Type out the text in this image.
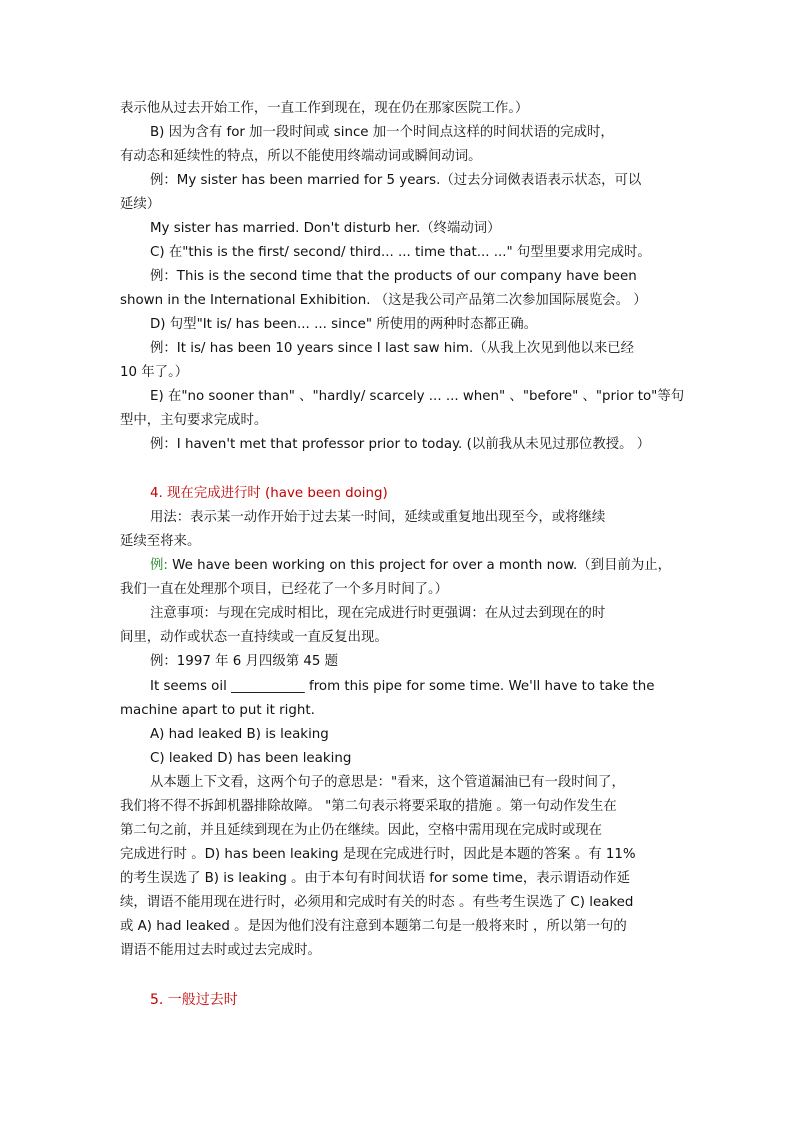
表示他从过去开始工作，一直工作到现在，现在仍在那家医院工作。）
B) 因为含有 for 加一段时间或 since 加一个时间点这样的时间状语的完成时，
有动态和延续性的特点，所以不能使用终端动词或瞬间动词。
例：My sister has been married for 5 years.（过去分词傚表语表示状态，可以
延续）
My sister has married. Don't disturb her.（终端动词）
C) 在"this is the first/ second/ third... ... time that... ..." 句型里要求用完成时。
例：This is the second time that the products of our company have been
shown in the International Exhibition. （这是我公司产品第二次参加国际展览会。 ）
D) 句型"It is/ has been... ... since" 所使用的两种时态都正确。
例：It is/ has been 10 years since I last saw him.（从我上次见到他以来已经
10 年了。）
E) 在"no sooner than" 、"hardly/ scarcely ... ... when" 、"before" 、"prior to"等句
型中，主句要求完成时。
例：I haven't met that professor prior to today. (以前我从未见过那位教授。 ）
4. 现在完成进行时 (have been doing)
用法：表示某一动作开始于过去某一时间，延续或重复地出现至今，或将继续
延续至将来。
例: We have been working on this project for over a month now.（到目前为止，
我们一直在处理那个项目，已经花了一个多月时间了。）
注意事项：与现在完成时相比，现在完成进行时更强调：在从过去到现在的时
间里，动作或状态一直持续或一直反复出现。
例：1997 年 6 月四级第 45 题
It seems oil ___________ from this pipe for some time. We'll have to take the
machine apart to put it right.
A) had leaked B) is leaking
C) leaked D) has been leaking
从本题上下文看，这两个句子的意思是："看来，这个管道漏油已有一段时间了，
我们将不得不拆卸机器排除故障。 "第二句表示将要采取的措施 。第一句动作发生在
第二句之前，并且延续到现在为止仍在继续。因此，空格中需用现在完成时或现在
完成进行时 。D) has been leaking 是现在完成进行时，因此是本题的答案 。有 11%
的考生误选了 B) is leaking 。由于本句有时间状语 for some time，表示谓语动作延
续，谓语不能用现在进行时，必须用和完成时有关的时态 。有些考生误选了 C) leaked
或 A) had leaked 。是因为他们没有注意到本题第二句是一般将来时 ，所以第一句的
谓语不能用过去时或过去完成时。
5. 一般过去时
